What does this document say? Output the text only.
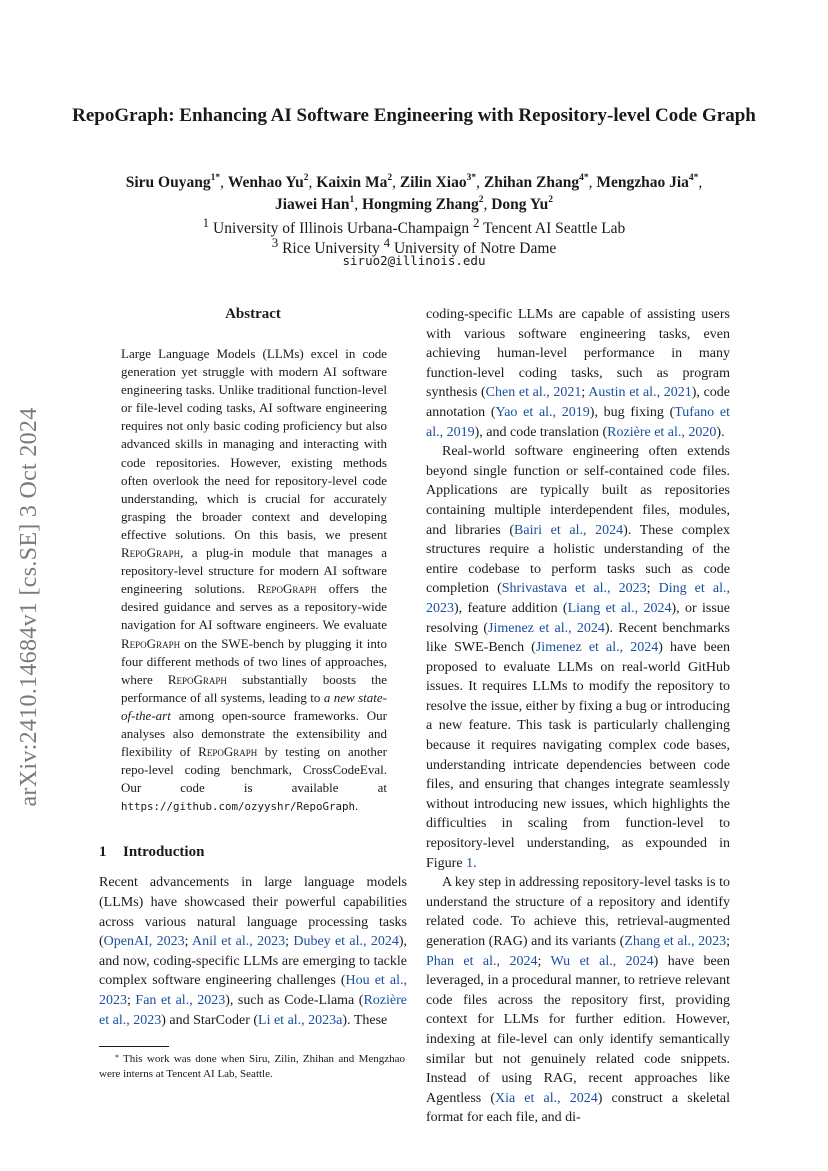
arXiv:2410.14684v1 [cs.SE] 3 Oct 2024
RepoGraph: Enhancing AI Software Engineering with Repository-level Code Graph
Siru Ouyang$^{1*}$, Wenhao Yu$^2$, Kaixin Ma$^2$, Zilin Xiao$^{3*}$, Zhihan Zhang$^{4*}$, Mengzhao Jia$^{4*}$,
Jiawei Han$^1$, Hongming Zhang$^2$, Dong Yu$^2$
$^1$ University of Illinois Urbana-Champaign $^2$ Tencent AI Seattle Lab
$^3$ Rice University $^4$ University of Notre Dame
siruo2@illinois.edu
Abstract

Large Language Models (LLMs) excel in code generation yet struggle with modern AI software engineering tasks. Unlike traditional function-level or file-level coding tasks, AI software engineering requires not only basic coding proficiency but also advanced skills in managing and interacting with code repositories. However, existing methods often overlook the need for repository-level code understanding, which is crucial for accurately grasping the broader context and developing effective solutions. On this basis, we present RepoGraph, a plug-in module that manages a repository-level structure for modern AI software engineering solutions. RepoGraph offers the desired guidance and serves as a repository-wide navigation for AI software engineers. We evaluate RepoGraph on the SWE-bench by plugging it into four different methods of two lines of approaches, where RepoGraph substantially boosts the performance of all systems, leading to a new state-of-the-art among open-source frameworks. Our analyses also demonstrate the extensibility and flexibility of RepoGraph by testing on another repo-level coding benchmark, CrossCodeEval. Our code is available at https://github.com/ozyyshr/RepoGraph.

1 Introduction

Recent advancements in large language models (LLMs) have showcased their powerful capabilities across various natural language processing tasks (OpenAI, 2023; Anil et al., 2023; Dubey et al., 2024), and now, coding-specific LLMs are emerging to tackle complex software engineering challenges (Hou et al., 2023; Fan et al., 2023), such as Code-Llama (Rozière et al., 2023) and StarCoder (Li et al., 2023a). These

coding-specific LLMs are capable of assisting users with various software engineering tasks, even achieving human-level performance in many function-level coding tasks, such as program synthesis (Chen et al., 2021; Austin et al., 2021), code annotation (Yao et al., 2019), bug fixing (Tufano et al., 2019), and code translation (Rozière et al., 2020).

Real-world software engineering often extends beyond single function or self-contained code files. Applications are typically built as repositories containing multiple interdependent files, modules, and libraries (Bairi et al., 2024). These complex structures require a holistic understanding of the entire codebase to perform tasks such as code completion (Shrivastava et al., 2023; Ding et al., 2023), feature addition (Liang et al., 2024), or issue resolving (Jimenez et al., 2024). Recent benchmarks like SWE-Bench (Jimenez et al., 2024) have been proposed to evaluate LLMs on real-world GitHub issues. It requires LLMs to modify the repository to resolve the issue, either by fixing a bug or introducing a new feature. This task is particularly challenging because it requires navigating complex code bases, understanding intricate dependencies between code files, and ensuring that changes integrate seamlessly without introducing new issues, which highlights the difficulties in scaling from function-level to repository-level understanding, as expounded in Figure 1.

A key step in addressing repository-level tasks is to understand the structure of a repository and identify related code. To achieve this, retrieval-augmented generation (RAG) and its variants (Zhang et al., 2023; Phan et al., 2024; Wu et al., 2024) have been leveraged, in a procedural manner, to retrieve relevant code files across the repository first, providing context for LLMs for further edition. However, indexing at file-level can only identify semantically similar but not genuinely related code snippets. Instead of using RAG, recent approaches like Agentless (Xia et al., 2024) construct a skeletal format for each file, and di-

* This work was done when Siru, Zilin, Zhihan and Mengzhao were interns at Tencent AI Lab, Seattle.
